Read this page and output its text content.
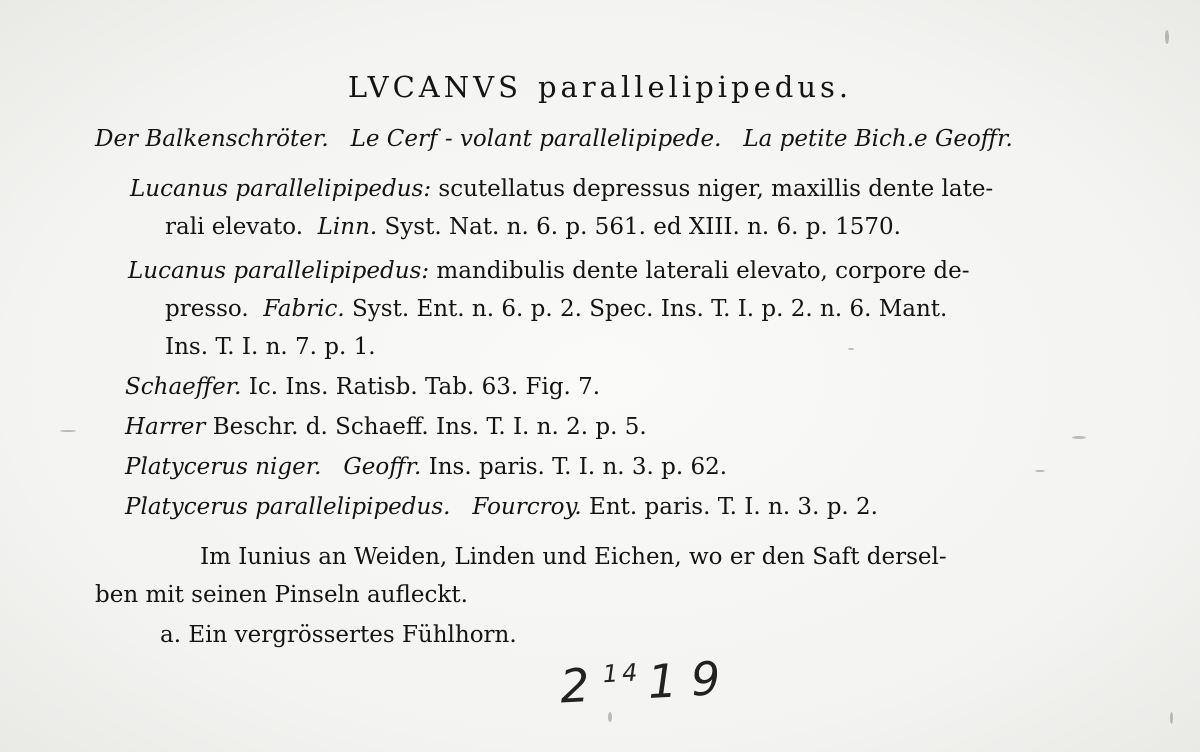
LVCANVS parallelipipedus.
Der Balkenschröter. Le Cerf - volant parallelipipede. La petite Bich.e Geoffr.
Lucanus parallelipipedus: scutellatus depressus niger, maxillis dente late-
rali elevato. Linn. Syst. Nat. n. 6. p. 561. ed XIII. n. 6. p. 1570.
Lucanus parallelipipedus: mandibulis dente laterali elevato, corpore de-
presso. Fabric. Syst. Ent. n. 6. p. 2. Spec. Ins. T. I. p. 2. n. 6. Mant.
Ins. T. I. n. 7. p. 1.
Schaeffer. Ic. Ins. Ratisb. Tab. 63. Fig. 7.
Harrer Beschr. d. Schaeff. Ins. T. I. n. 2. p. 5.
Platycerus niger. Geoffr. Ins. paris. T. I. n. 3. p. 62.
Platycerus parallelipipedus. Fourcroy. Ent. paris. T. I. n. 3. p. 2.
Im Iunius an Weiden, Linden und Eichen, wo er den Saft dersel-
ben mit seinen Pinseln aufleckt.
a. Ein vergrössertes Fühlhorn.
$2^{14}19$
